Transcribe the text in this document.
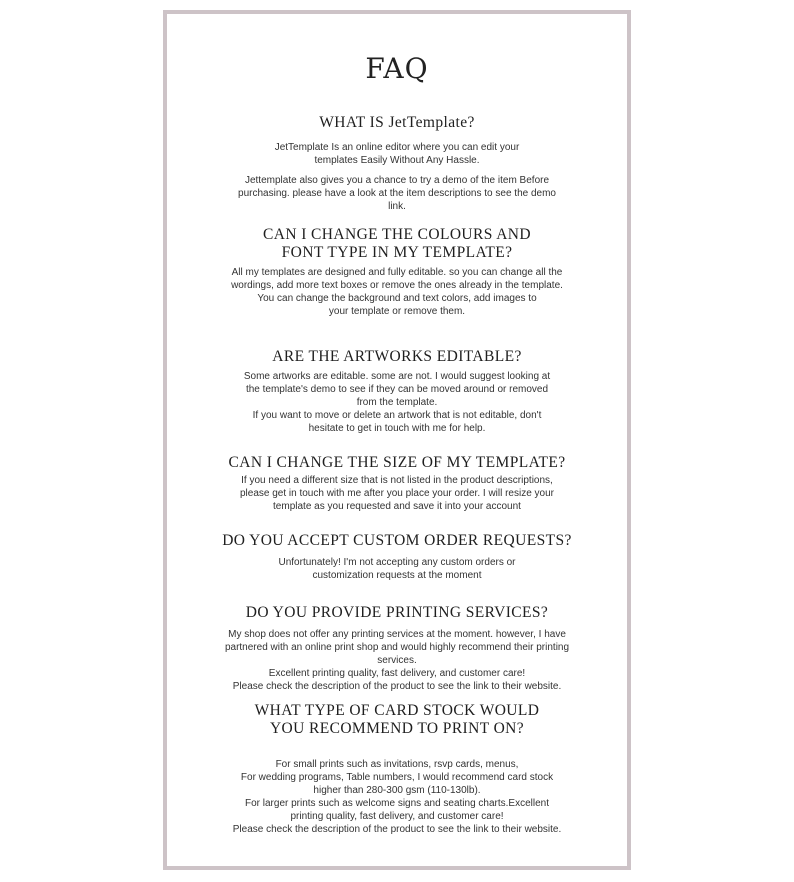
FAQ
WHAT IS JetTemplate?

JetTemplate Is an online editor where you can edit your templates Easily Without Any Hassle.

Jettemplate also gives you a chance to try a demo of the item Before purchasing. please have a look at the item descriptions to see the demo link.

CAN I CHANGE THE COLOURS AND FONT TYPE IN MY TEMPLATE?

All my templates are designed and fully editable. so you can change all the wordings, add more text boxes or remove the ones already in the template.

You can change the background and text colors, add images to your template or remove them.

ARE THE ARTWORKS EDITABLE?

Some artworks are editable. some are not. I would suggest looking at the template's demo to see if they can be moved around or removed from the template.

If you want to move or delete an artwork that is not editable, don't hesitate to get in touch with me for help.

CAN I CHANGE THE SIZE OF MY TEMPLATE?

If you need a different size that is not listed in the product descriptions, please get in touch with me after you place your order. I will resize your template as you requested and save it into your account

DO YOU ACCEPT CUSTOM ORDER REQUESTS?

Unfortunately! I'm not accepting any custom orders or customization requests at the moment

DO YOU PROVIDE PRINTING SERVICES?

My shop does not offer any printing services at the moment. however, I have partnered with an online print shop and would highly recommend their printing services.

Excellent printing quality, fast delivery, and customer care!

Please check the description of the product to see the link to their website.

WHAT TYPE OF CARD STOCK WOULD YOU RECOMMEND TO PRINT ON?

For small prints such as invitations, rsvp cards, menus,

For wedding programs, Table numbers, I would recommend card stock higher than 280-300 gsm (110-130lb).

For larger prints such as welcome signs and seating charts.Excellent printing quality, fast delivery, and customer care!

Please check the description of the product to see the link to their website.
